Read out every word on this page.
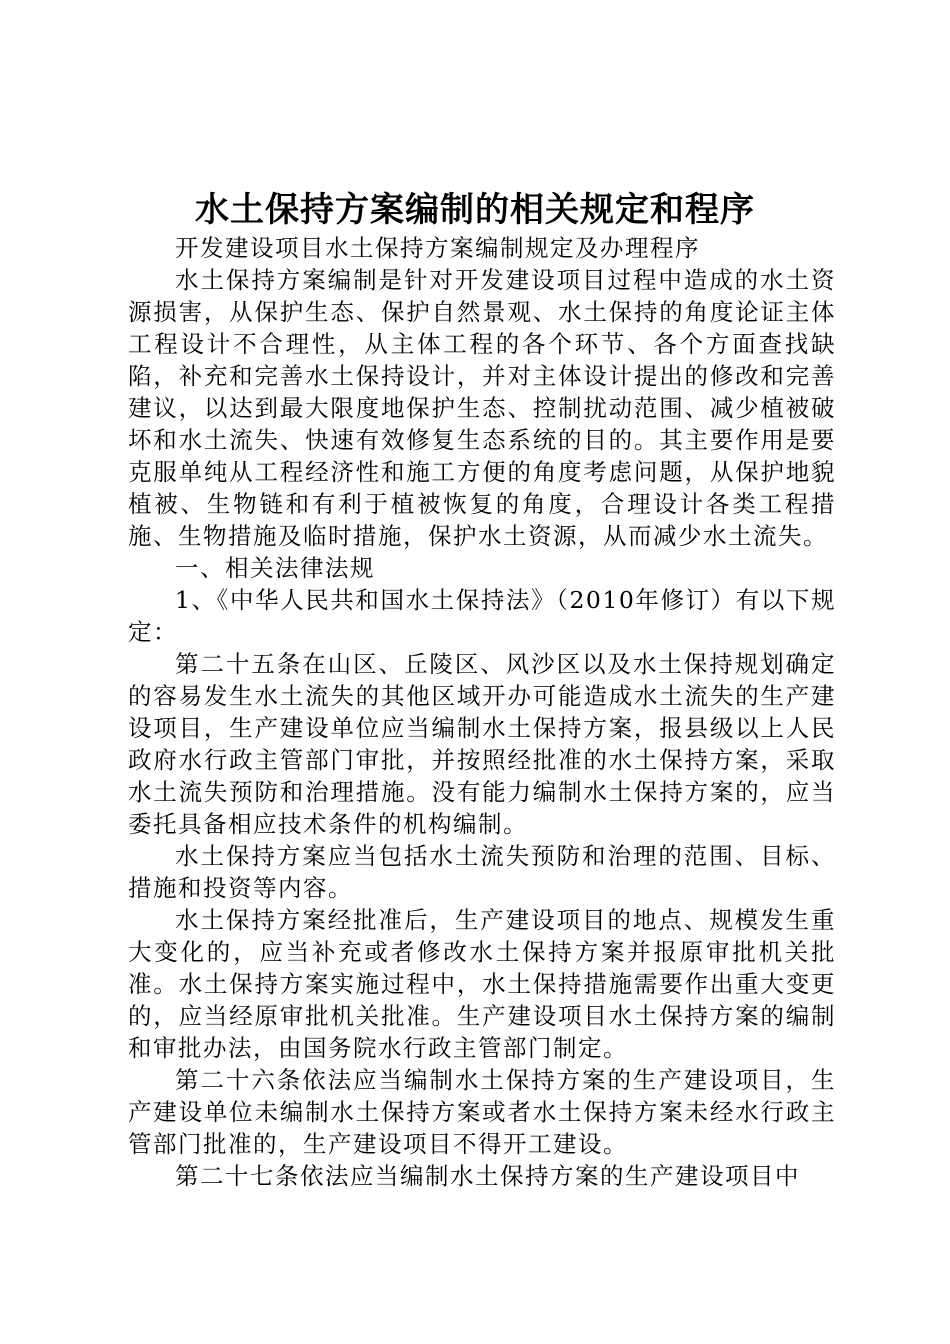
水土保持方案编制的相关规定和程序

开发建设项目水土保持方案编制规定及办理程序

水土保持方案编制是针对开发建设项目过程中造成的水土资源损害，从保护生态、保护自然景观、水土保持的角度论证主体工程设计不合理性，从主体工程的各个环节、各个方面查找缺陷，补充和完善水土保持设计，并对主体设计提出的修改和完善建议，以达到最大限度地保护生态、控制扰动范围、减少植被破坏和水土流失、快速有效修复生态系统的目的。其主要作用是要克服单纯从工程经济性和施工方便的角度考虑问题，从保护地貌植被、生物链和有利于植被恢复的角度，合理设计各类工程措施、生物措施及临时措施，保护水土资源，从而减少水土流失。

一、相关法律法规

1、《中华人民共和国水土保持法》（2010年修订）有以下规定：

第二十五条在山区、丘陵区、风沙区以及水土保持规划确定的容易发生水土流失的其他区域开办可能造成水土流失的生产建设项目，生产建设单位应当编制水土保持方案，报县级以上人民政府水行政主管部门审批，并按照经批准的水土保持方案，采取水土流失预防和治理措施。没有能力编制水土保持方案的，应当委托具备相应技术条件的机构编制。

水土保持方案应当包括水土流失预防和治理的范围、目标、措施和投资等内容。

水土保持方案经批准后，生产建设项目的地点、规模发生重大变化的，应当补充或者修改水土保持方案并报原审批机关批准。水土保持方案实施过程中，水土保持措施需要作出重大变更的，应当经原审批机关批准。生产建设项目水土保持方案的编制和审批办法，由国务院水行政主管部门制定。

第二十六条依法应当编制水土保持方案的生产建设项目，生产建设单位未编制水土保持方案或者水土保持方案未经水行政主管部门批准的，生产建设项目不得开工建设。

第二十七条依法应当编制水土保持方案的生产建设项目中
